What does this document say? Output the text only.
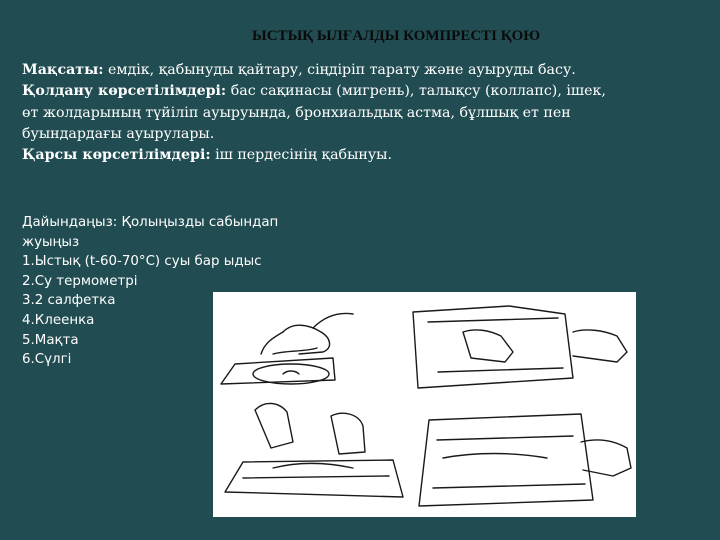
ЫСТЫҚ ЫЛҒАЛДЫ КОМПРЕСТІ ҚОЮ
Мақсаты: емдік, қабынуды қайтару, сіңдіріп тарату және ауыруды басу.
Қолдану көрсетілімдері: бас сақинасы (мигрень), талықсу (коллапс), ішек, өт жолдарының түйіліп ауыруында, бронхиальдық астма, бұлшық ет пен буындардағы ауырулары.
Қарсы көрсетілімдері: іш пердесінің қабынуы.
Дайындаңыз: Қолыңызды сабындап
жуыңыз
1.Ыстық (t-60-70°С) суы бар ыдыс
2.Су термометрі
3.2 салфетка
4.Клеенка
5.Мақта
6.Сүлгі
